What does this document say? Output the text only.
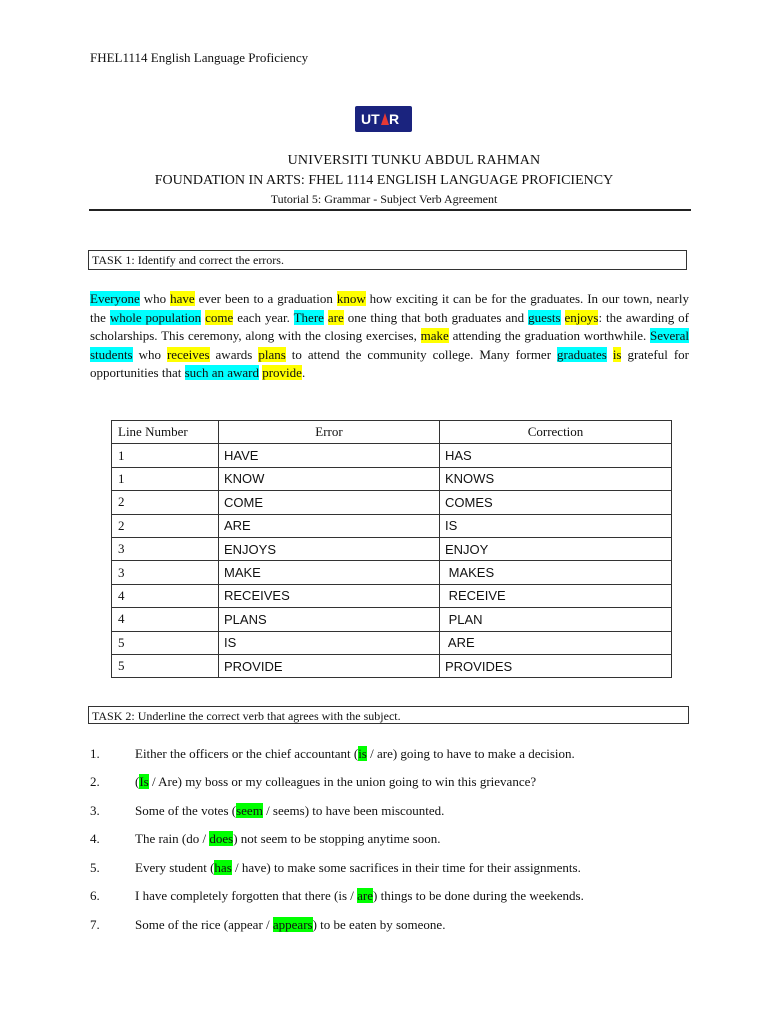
FHEL1114 English Language Proficiency
UT R
UNIVERSITI TUNKU ABDUL RAHMAN
FOUNDATION IN ARTS: FHEL 1114 ENGLISH LANGUAGE PROFICIENCY
Tutorial 5: Grammar - Subject Verb Agreement
TASK 1: Identify and correct the errors.
Everyone who have ever been to a graduation know how exciting it can be for the graduates. In our town, nearly the whole population come each year. There are one thing that both graduates and guests enjoys: the awarding of scholarships. This ceremony, along with the closing exercises, make attending the graduation worthwhile. Several students who receives awards plans to attend the community college. Many former graduates is grateful for opportunities that such an award provide.
Line Number	Error	Correction
1	HAVE	HAS
1	KNOW	KNOWS
2	COME	COMES
2	ARE	IS
3	ENJOYS	ENJOY
3	MAKE	MAKES
4	RECEIVES	RECEIVE
4	PLANS	PLAN
5	IS	ARE
5	PROVIDE	PROVIDES
TASK 2: Underline the correct verb that agrees with the subject.
1.	Either the officers or the chief accountant (is / are) going to have to make a decision.
2.	(Is / Are) my boss or my colleagues in the union going to win this grievance?
3.	Some of the votes (seem / seems) to have been miscounted.
4.	The rain (do / does) not seem to be stopping anytime soon.
5.	Every student (has / have) to make some sacrifices in their time for their assignments.
6.	I have completely forgotten that there (is / are) things to be done during the weekends.
7.	Some of the rice (appear / appears) to be eaten by someone.
